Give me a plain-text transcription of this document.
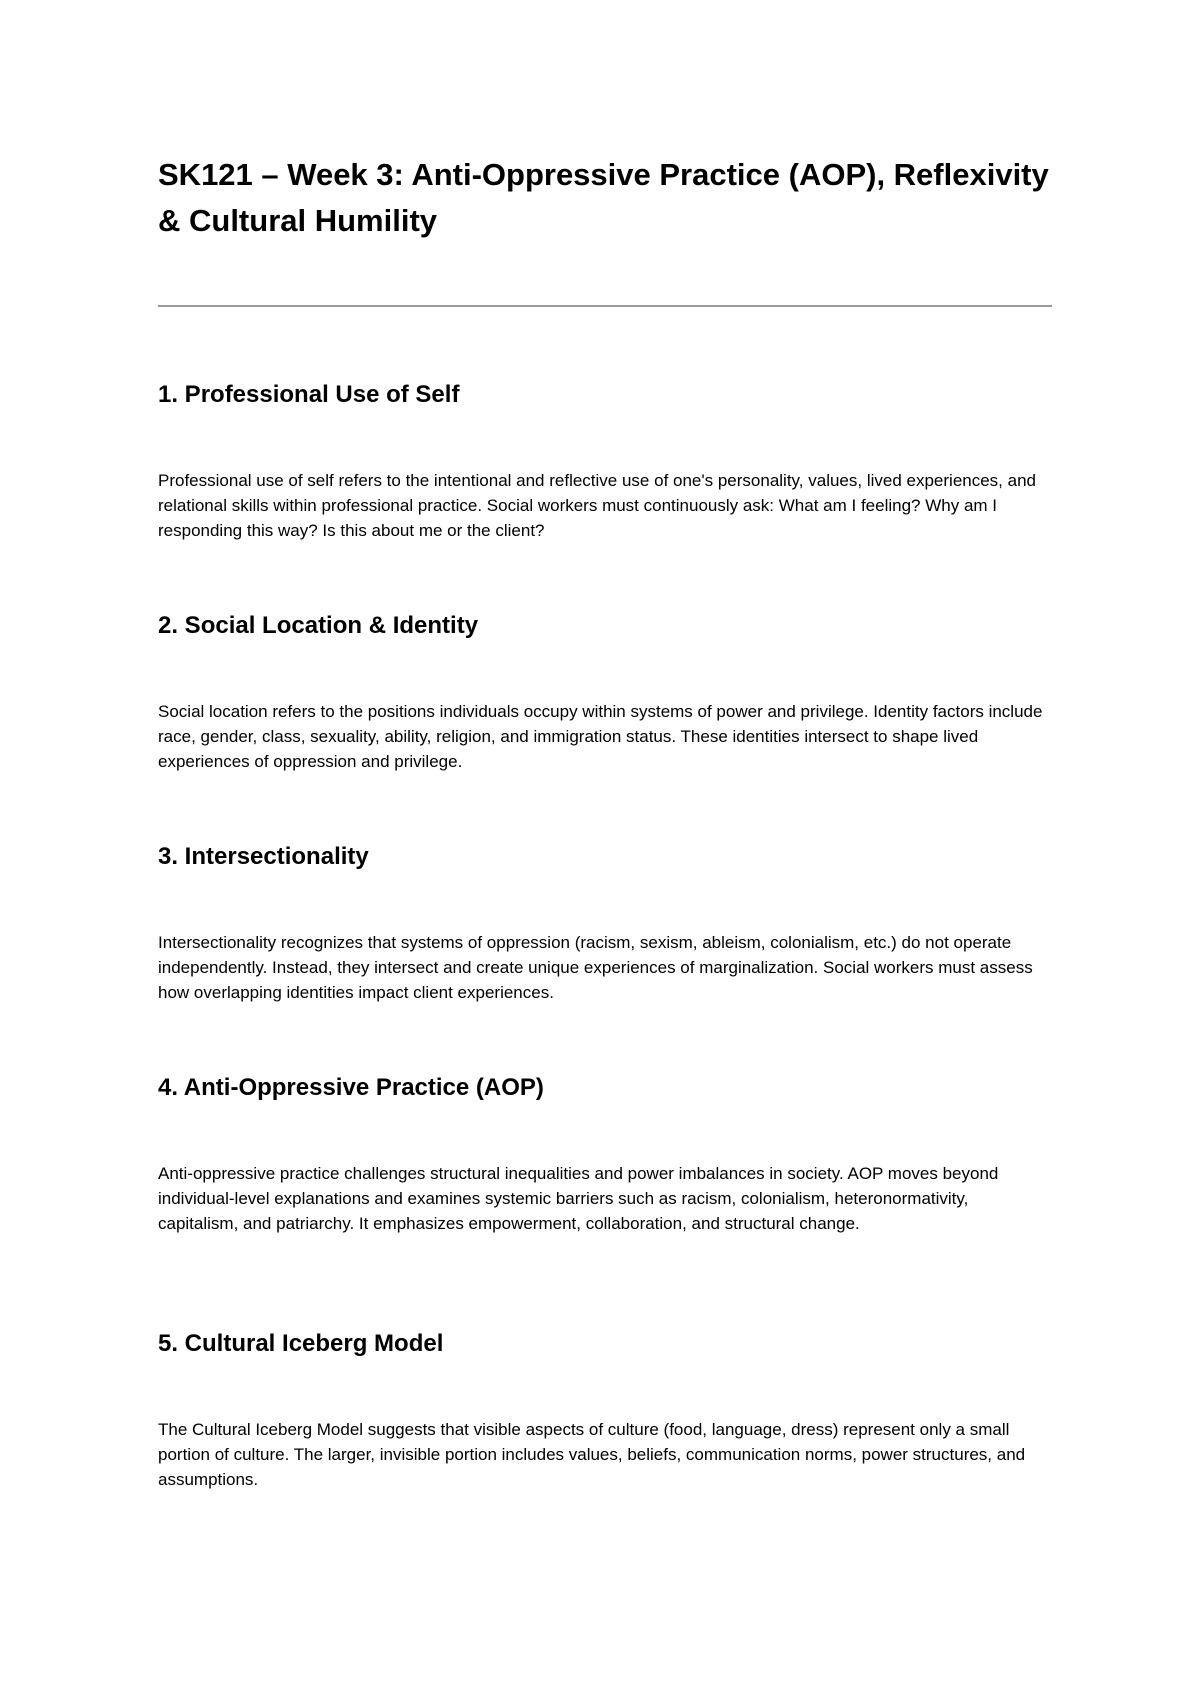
SK121 – Week 3: Anti-Oppressive Practice (AOP), Reflexivity & Cultural Humility
1. Professional Use of Self

Professional use of self refers to the intentional and reflective use of one's personality, values, lived experiences, and relational skills within professional practice. Social workers must continuously ask: What am I feeling? Why am I responding this way? Is this about me or the client?

2. Social Location & Identity

Social location refers to the positions individuals occupy within systems of power and privilege. Identity factors include race, gender, class, sexuality, ability, religion, and immigration status. These identities intersect to shape lived experiences of oppression and privilege.

3. Intersectionality

Intersectionality recognizes that systems of oppression (racism, sexism, ableism, colonialism, etc.) do not operate independently. Instead, they intersect and create unique experiences of marginalization. Social workers must assess how overlapping identities impact client experiences.

4. Anti-Oppressive Practice (AOP)

Anti-oppressive practice challenges structural inequalities and power imbalances in society. AOP moves beyond individual-level explanations and examines systemic barriers such as racism, colonialism, heteronormativity, capitalism, and patriarchy. It emphasizes empowerment, collaboration, and structural change.

5. Cultural Iceberg Model

The Cultural Iceberg Model suggests that visible aspects of culture (food, language, dress) represent only a small portion of culture. The larger, invisible portion includes values, beliefs, communication norms, power structures, and assumptions.
